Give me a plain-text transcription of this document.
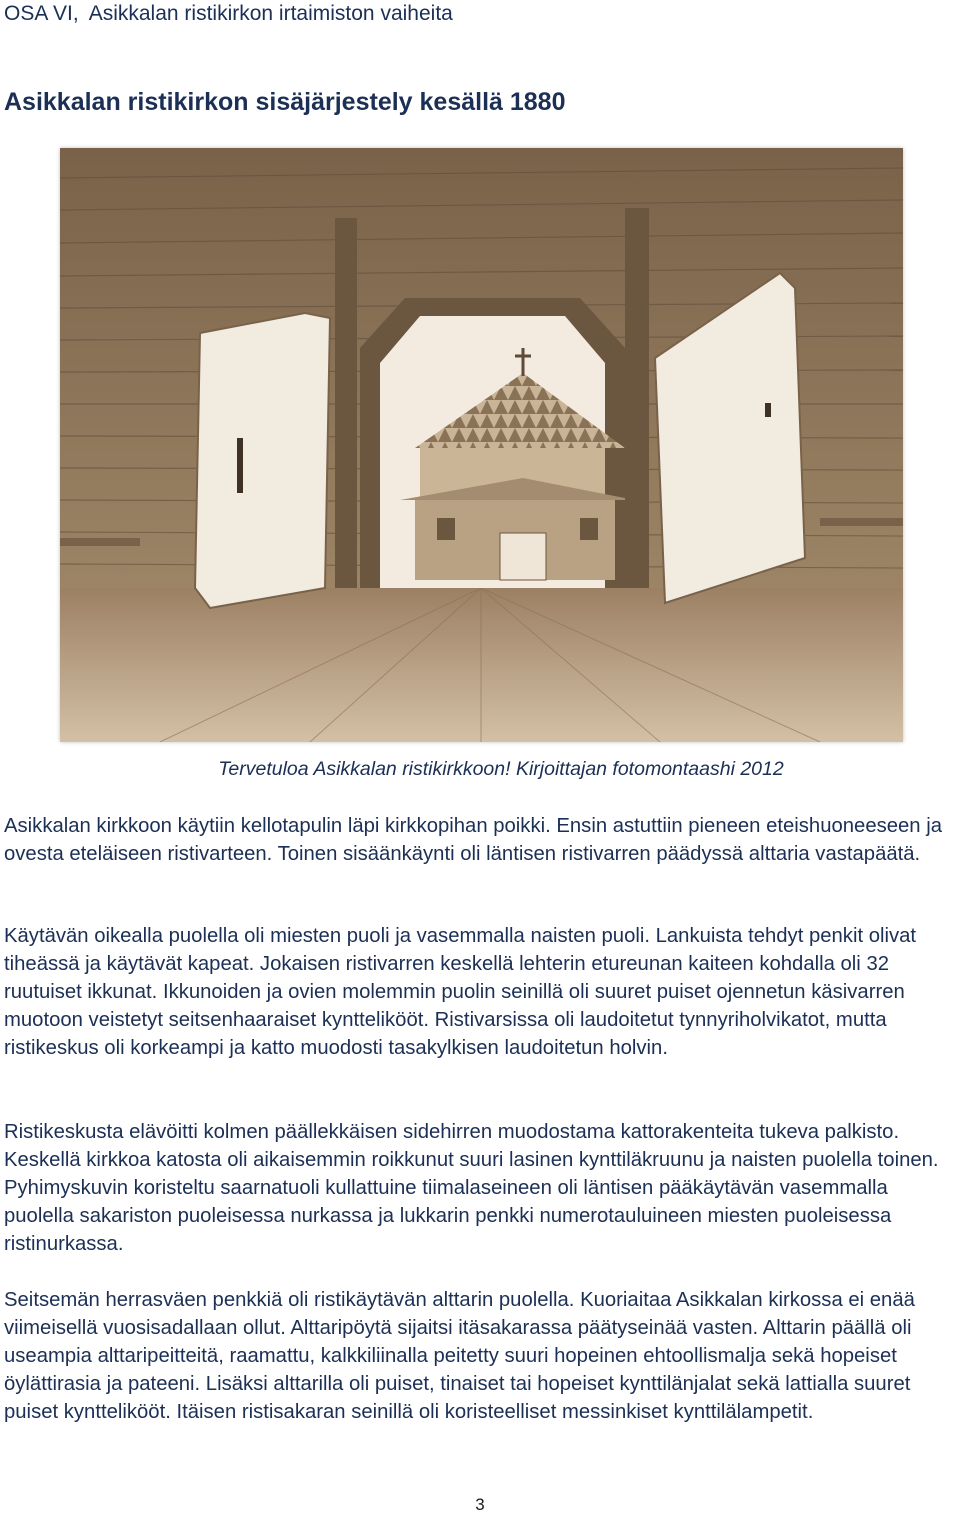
OSA VI, Asikkalan ristikirkon irtaimiston vaiheita
Asikkalan ristikirkon sisäjärjestely kesällä 1880
Tervetuloa Asikkalan ristikirkkoon! Kirjoittajan fotomontaashi 2012

Asikkalan kirkkoon käytiin kellotapulin läpi kirkkopihan poikki. Ensin astuttiin pieneen eteishuoneeseen ja ovesta eteläiseen ristivarteen. Toinen sisäänkäynti oli läntisen ristivarren päädyssä alttaria vastapäätä.

Käytävän oikealla puolella oli miesten puoli ja vasemmalla naisten puoli. Lankuista tehdyt penkit olivat tiheässä ja käytävät kapeat. Jokaisen ristivarren keskellä lehterin etureunan kaiteen kohdalla oli 32 ruutuiset ikkunat. Ikkunoiden ja ovien molemmin puolin seinillä oli suuret puiset ojennetun käsivarren muotoon veistetyt seitsenhaaraiset kynttelikööt. Ristivarsissa oli laudoitetut tynnyriholvikatot, mutta ristikeskus oli korkeampi ja katto muodosti tasakylkisen laudoitetun holvin.

Ristikeskusta elävöitti kolmen päällekkäisen sidehirren muodostama kattorakenteita tukeva palkisto. Keskellä kirkkoa katosta oli aikaisemmin roikkunut suuri lasinen kynttiläkruunu ja naisten puolella toinen. Pyhimyskuvin koristeltu saarnatuoli kullattuine tiimalaseineen oli läntisen pääkäytävän vasemmalla puolella sakariston puoleisessa nurkassa ja lukkarin penkki numerotauluineen miesten puoleisessa ristinurkassa.

Seitsemän herrasväen penkkiä oli ristikäytävän alttarin puolella. Kuoriaitaa Asikkalan kirkossa ei enää viimeisellä vuosisadallaan ollut. Alttaripöytä sijaitsi itäsakarassa päätyseinää vasten. Alttarin päällä oli useampia alttaripeitteitä, raamattu, kalkkiliinalla peitetty suuri hopeinen ehtoollismalja sekä hopeiset öylättirasia ja pateeni. Lisäksi alttarilla oli puiset, tinaiset tai hopeiset kynttilänjalat sekä lattialla suuret puiset kynttelikööt. Itäisen ristisakaran seinillä oli koristeelliset messinkiset kynttilälampetit.

3
